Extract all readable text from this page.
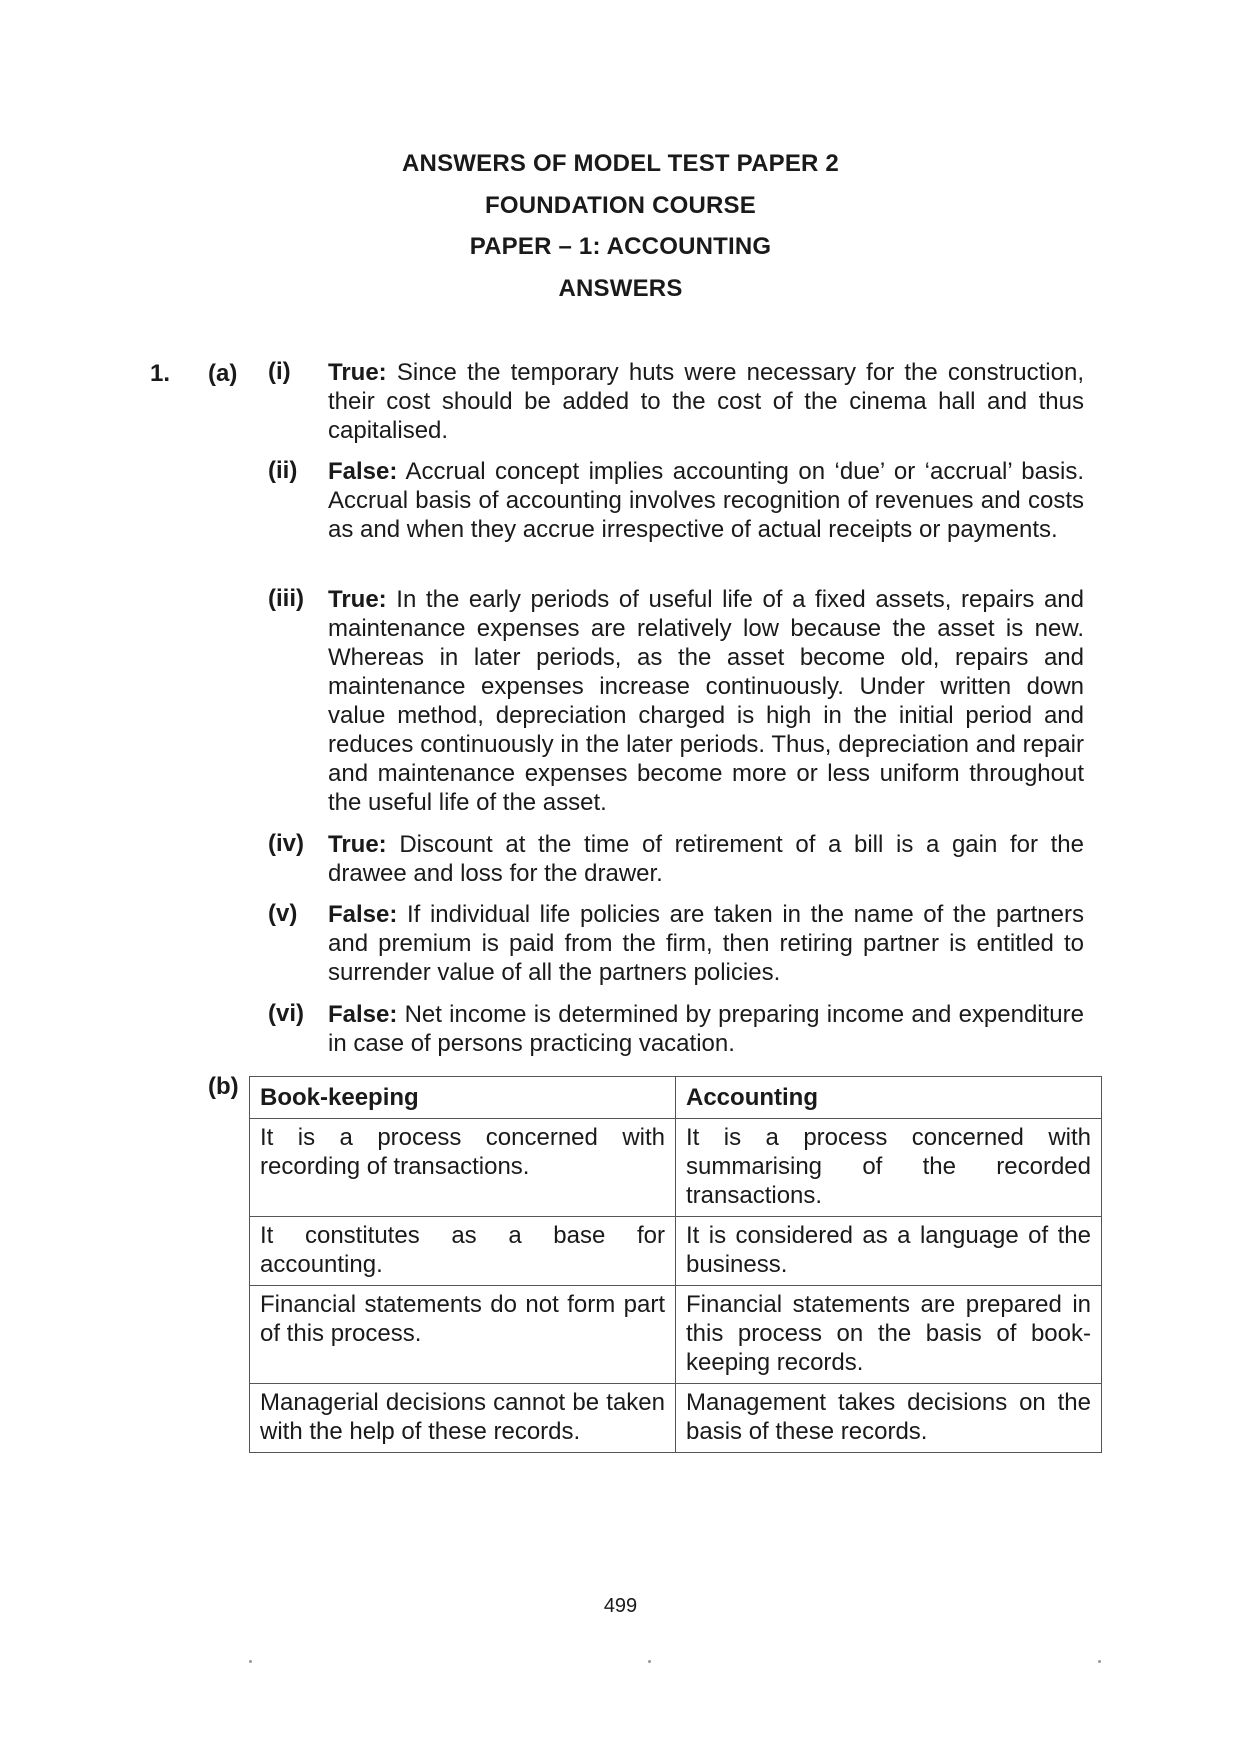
ANSWERS OF MODEL TEST PAPER 2
FOUNDATION COURSE
PAPER – 1: ACCOUNTING
ANSWERS
1. (a) (i) True: Since the temporary huts were necessary for the construction, their cost should be added to the cost of the cinema hall and thus capitalised.
(ii) False: Accrual concept implies accounting on ‘due’ or ‘accrual’ basis. Accrual basis of accounting involves recognition of revenues and costs as and when they accrue irrespective of actual receipts or payments.
(iii) True: In the early periods of useful life of a fixed assets, repairs and maintenance expenses are relatively low because the asset is new. Whereas in later periods, as the asset become old, repairs and maintenance expenses increase continuously. Under written down value method, depreciation charged is high in the initial period and reduces continuously in the later periods. Thus, depreciation and repair and maintenance expenses become more or less uniform throughout the useful life of the asset.
(iv) True: Discount at the time of retirement of a bill is a gain for the drawee and loss for the drawer.
(v) False: If individual life policies are taken in the name of the partners and premium is paid from the firm, then retiring partner is entitled to surrender value of all the partners policies.
(vi) False: Net income is determined by preparing income and expenditure in case of persons practicing vacation.
(b) Book-keeping	Accounting
It is a process concerned with recording of transactions.	It is a process concerned with summarising of the recorded transactions.
It constitutes as a base for accounting.	It is considered as a language of the business.
Financial statements do not form part of this process.	Financial statements are prepared in this process on the basis of book-keeping records.
Managerial decisions cannot be taken with the help of these records.	Management takes decisions on the basis of these records.
499
